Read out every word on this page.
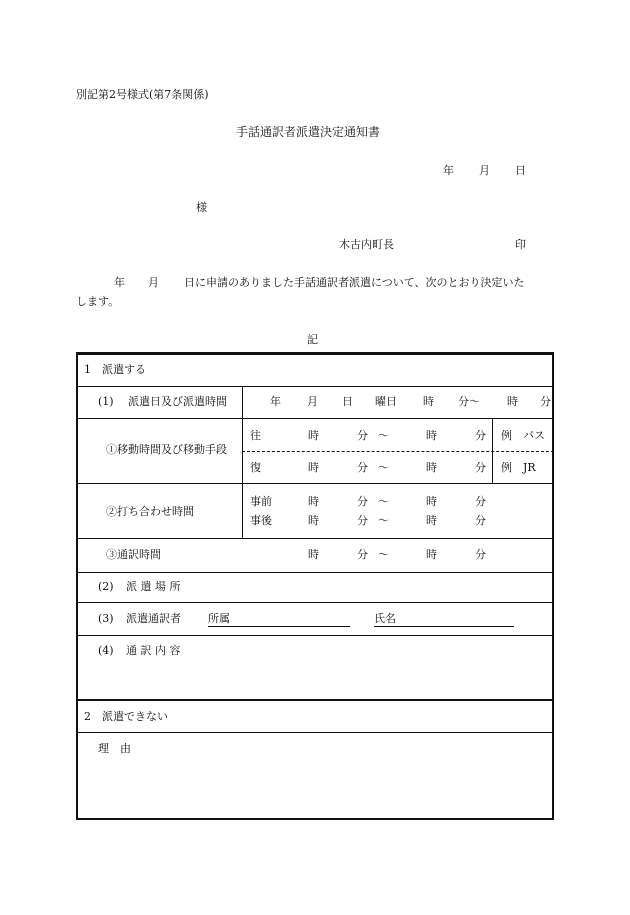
別記第2号様式(第7条関係)
手話通訳者派遣決定通知書
年 月 日
様
木古内町長	印
年 月 日に申請のありました手話通訳者派遣について、次のとおり決定いた
します。
記
1　派遣する
(1) 派遣日及び派遣時間	年 月 日 曜日 時 分〜 時 分
①移動時間及び移動手段
往	時	分 〜	時	分 例 バス
復	時	分 〜	時	分 例 JR
②打ち合わせ時間
事前	時	分 〜	時	分
事後	時	分 〜	時	分
③通訳時間	時	分 〜	時	分
(2) 派 遣 場 所
(3) 派遣通訳者 所属	氏名
(4) 通 訳 内 容
2　派遣できない
理　由
